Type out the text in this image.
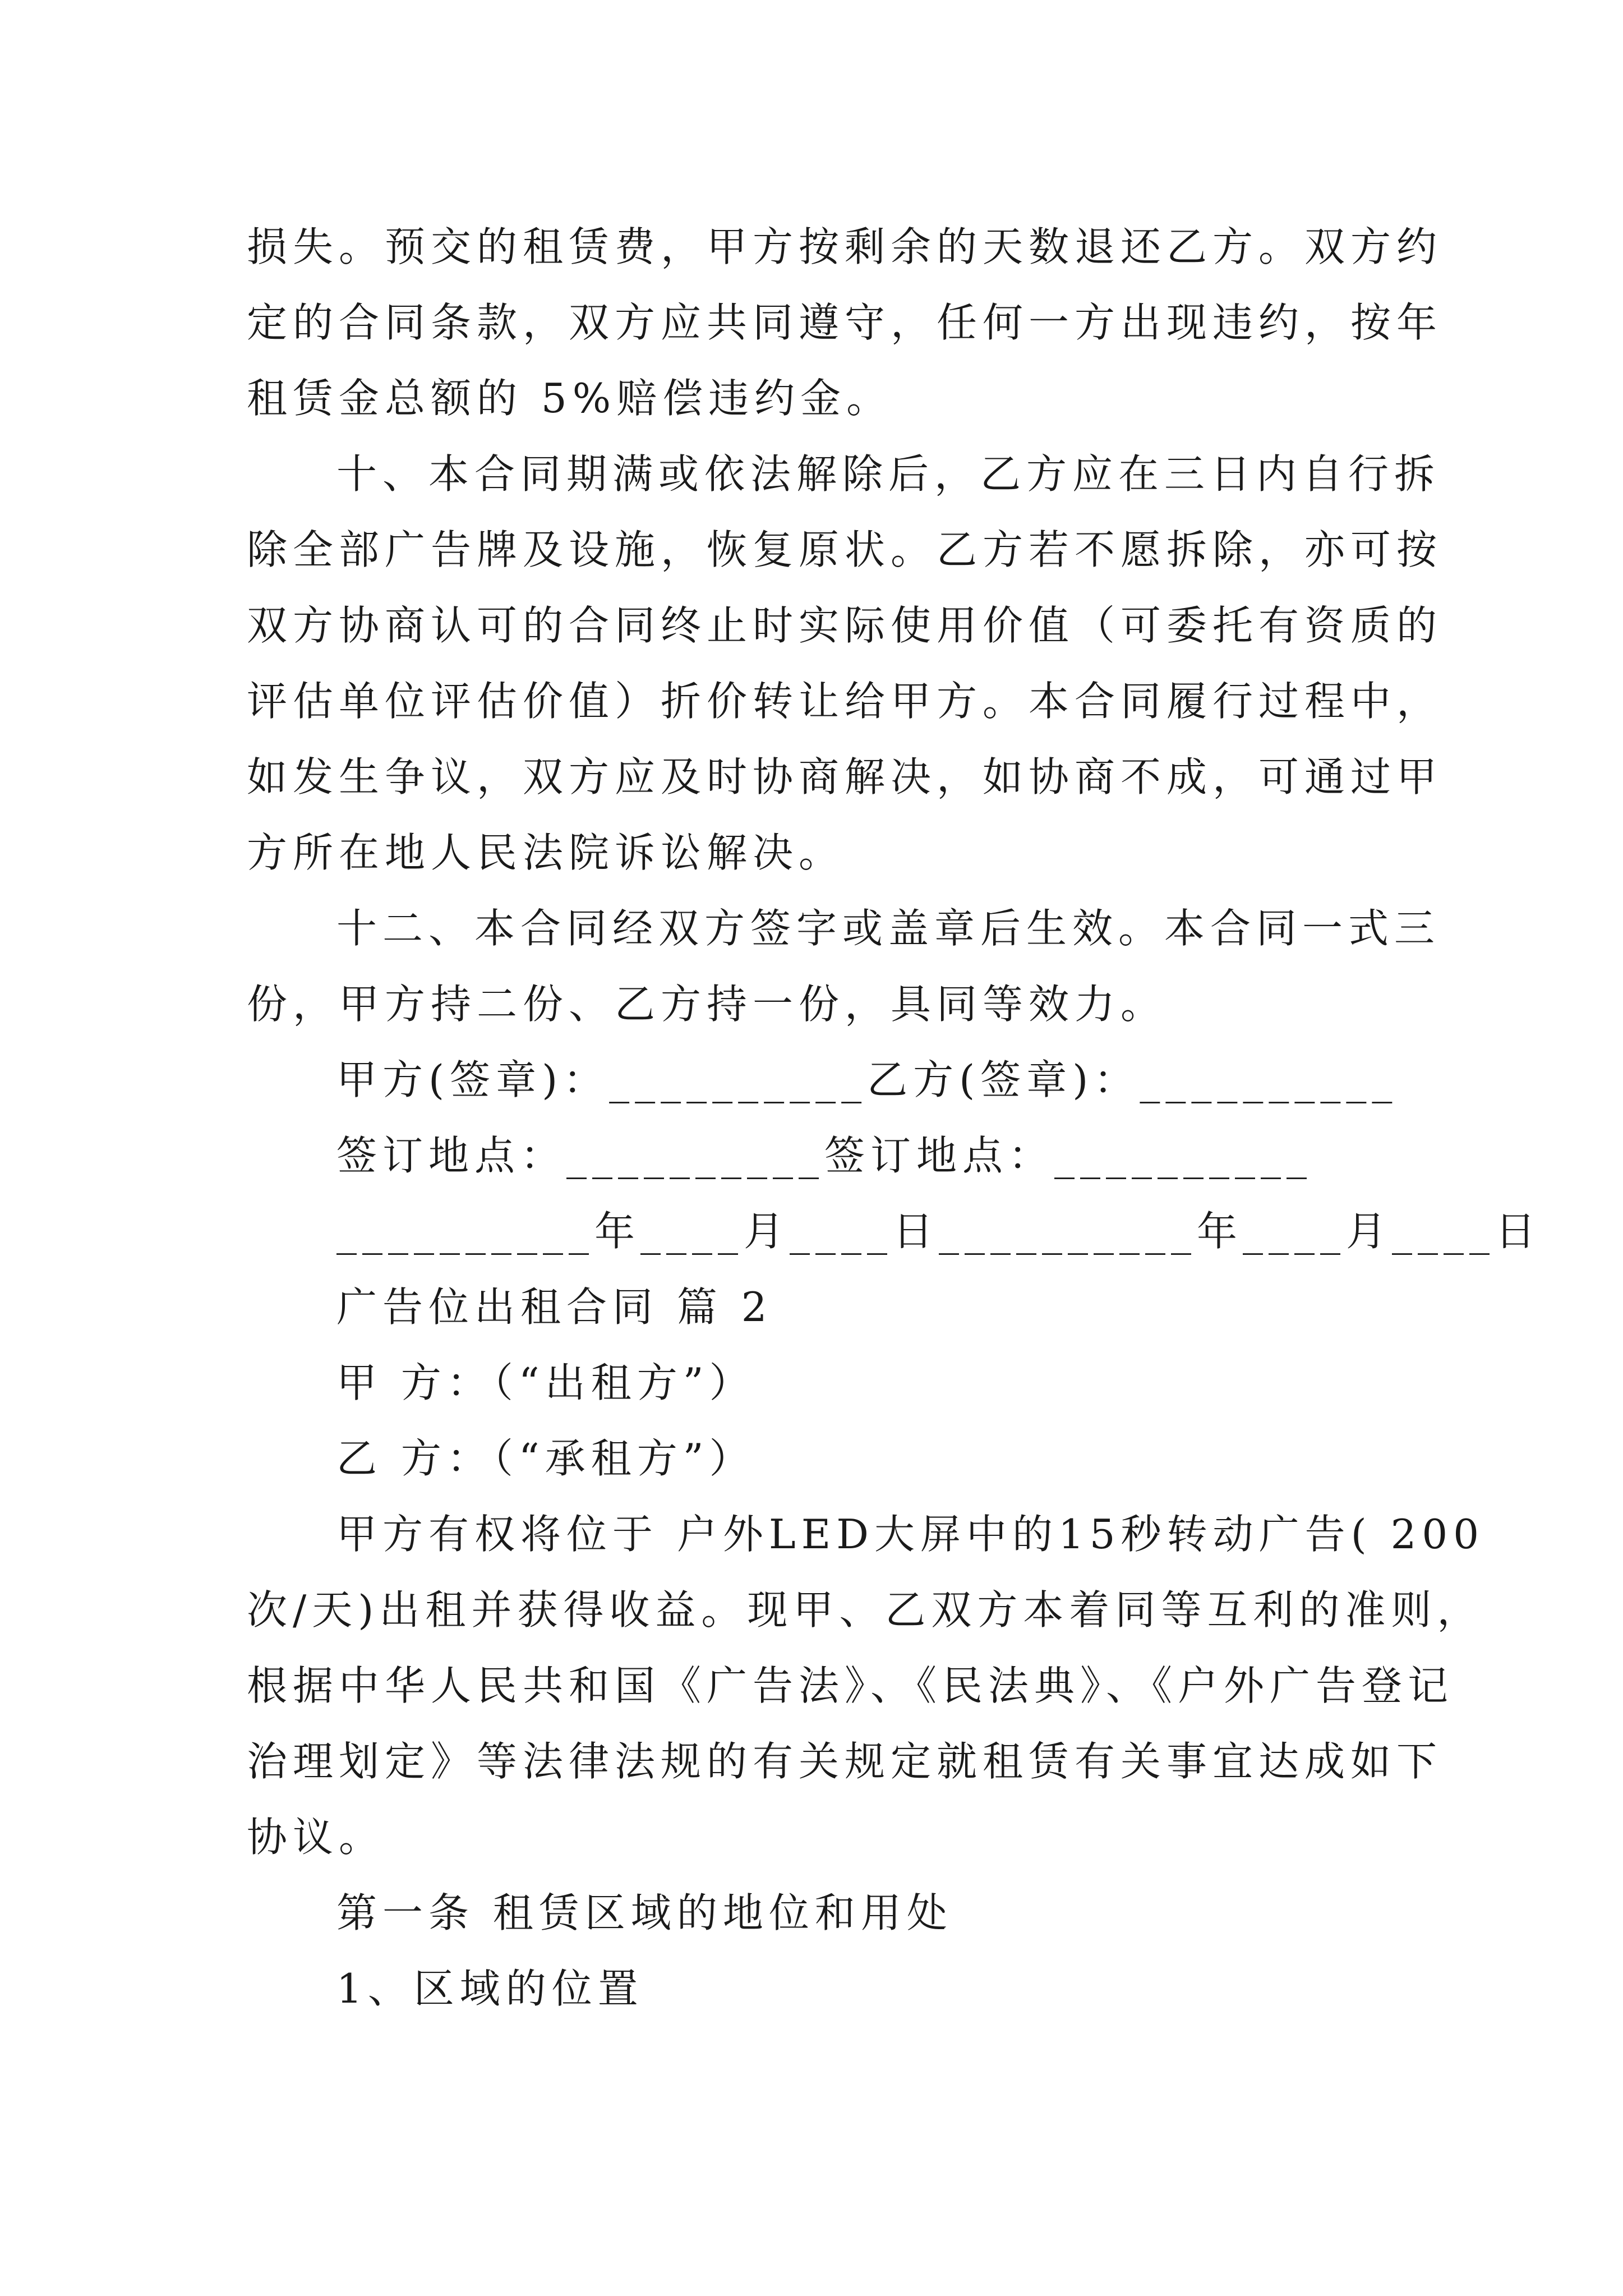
损失。预交的租赁费，甲方按剩余的天数退还乙方。双方约
定的合同条款，双方应共同遵守，任何一方出现违约，按年
租赁金总额的 5%赔偿违约金。
十、本合同期满或依法解除后，乙方应在三日内自行拆
除全部广告牌及设施，恢复原状。乙方若不愿拆除，亦可按
双方协商认可的合同终止时实际使用价值（可委托有资质的
评估单位评估价值）折价转让给甲方。本合同履行过程中，
如发生争议，双方应及时协商解决，如协商不成，可通过甲
方所在地人民法院诉讼解决。
十二、本合同经双方签字或盖章后生效。本合同一式三
份，甲方持二份、乙方持一份，具同等效力。
甲方(签章)：__________乙方(签章)：__________
签订地点：__________签订地点：__________
__________年____月____日__________年____月____日
广告位出租合同 篇 2
甲 方：（“出租方”）
乙 方：（“承租方”）
甲方有权将位于 户外LED大屏中的15秒转动广告( 200
次/天)出租并获得收益。现甲、乙双方本着同等互利的准则，
根据中华人民共和国《广告法》、《民法典》、《户外广告登记
治理划定》等法律法规的有关规定就租赁有关事宜达成如下
协议。
第一条 租赁区域的地位和用处
1、区域的位置
